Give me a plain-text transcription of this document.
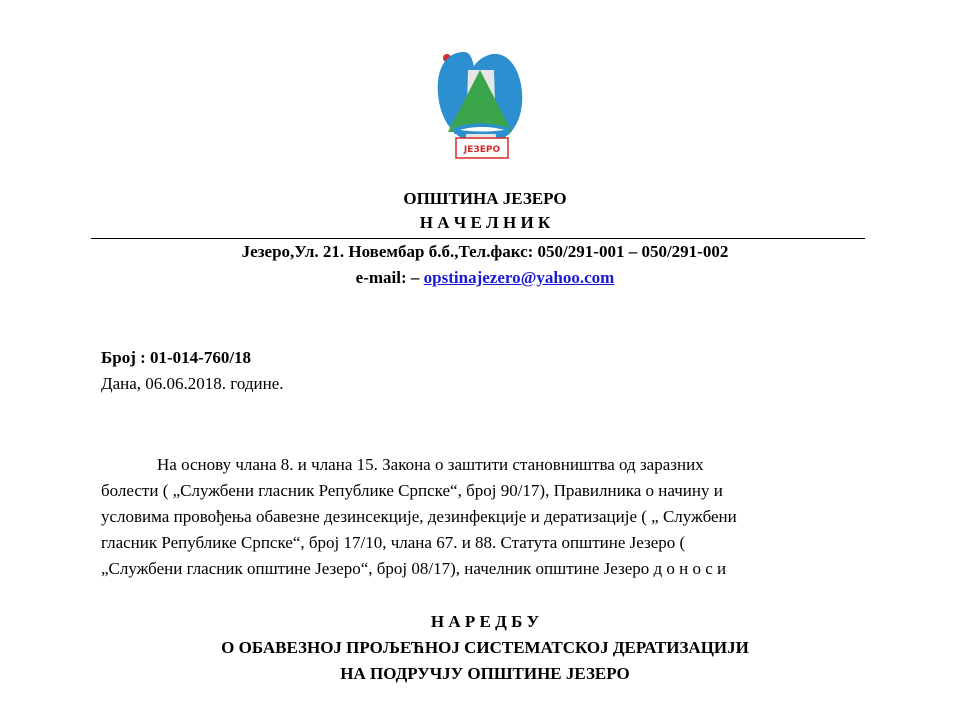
ЈЕЗЕРО
ОПШТИНА ЈЕЗЕРО
Н А Ч Е Л Н И К
Језеро,Ул. 21. Новембар б.б.,Тел.факс: 050/291-001 – 050/291-002
e-mail: – opstinajezero@yahoo.com
Број : 01-014-760/18
Дана, 06.06.2018. године.
На основу члана 8. и члана 15. Закона о заштити становништва од заразних
болести ( „Службени гласник Републике Српске“, број 90/17), Правилника о начину и
условима провођења обавезне дезинсекције, дезинфекције и дератизације ( „ Службени
гласник Републике Српске“, број 17/10, члана 67. и 88. Статута општине Језеро (
„Службени гласник општине Језеро“, број 08/17), начелник општине Језеро д о н о с и
Н А Р Е Д Б У
О ОБАВЕЗНОЈ ПРОЉЕЋНОЈ СИСТЕМАТСКОЈ ДЕРАТИЗАЦИЈИ
НА ПОДРУЧЈУ ОПШТИНЕ ЈЕЗЕРО
